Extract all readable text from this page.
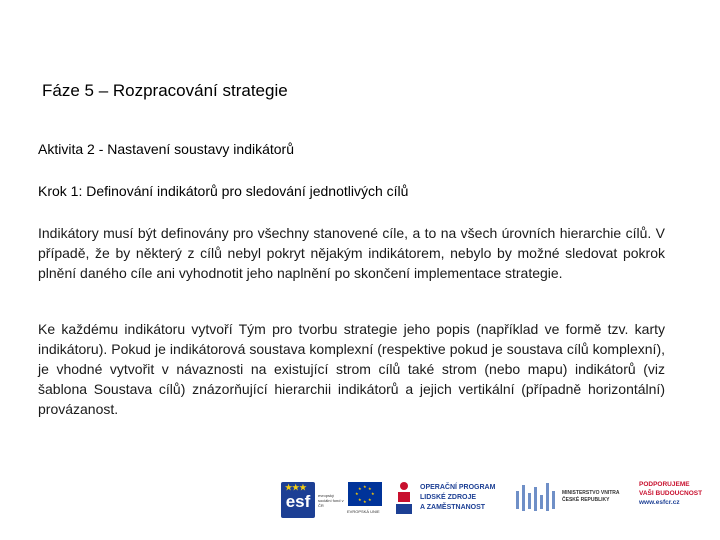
Fáze 5 – Rozpracování strategie
Aktivita 2 - Nastavení soustavy indikátorů
Krok 1: Definování indikátorů pro sledování jednotlivých cílů

Indikátory musí být definovány pro všechny stanovené cíle, a to na všech úrovních hierarchie cílů. V případě, že by některý z cílů nebyl pokryt nějakým indikátorem, nebylo by možné sledovat pokrok plnění daného cíle ani vyhodnotit jeho naplnění po skončení implementace strategie.

Ke každému indikátoru vytvoří Tým pro tvorbu strategie jeho popis (například ve formě tzv. karty indikátoru). Pokud je indikátorová soustava komplexní (respektive pokud je soustava cílů komplexní), je vhodné vytvořit v návaznosti na existující strom cílů také strom (nebo mapu) indikátorů (viz šablona Soustava cílů) znázorňující hierarchii indikátorů a jejich vertikální (případně horizontální) provázanost.

★★★
esf	evropský sociální fond v ČR
★ ★
★
★
★
★
★
★
EVROPSKÁ UNIE
OPERAČNÍ PROGRAM
LIDSKÉ ZDROJE
A ZAMĚSTNANOST
MINISTERSTVO VNITRA
ČESKÉ REPUBLIKY
PODPORUJEME
VAŠI BUDOUCNOST
www.esfcr.cz
